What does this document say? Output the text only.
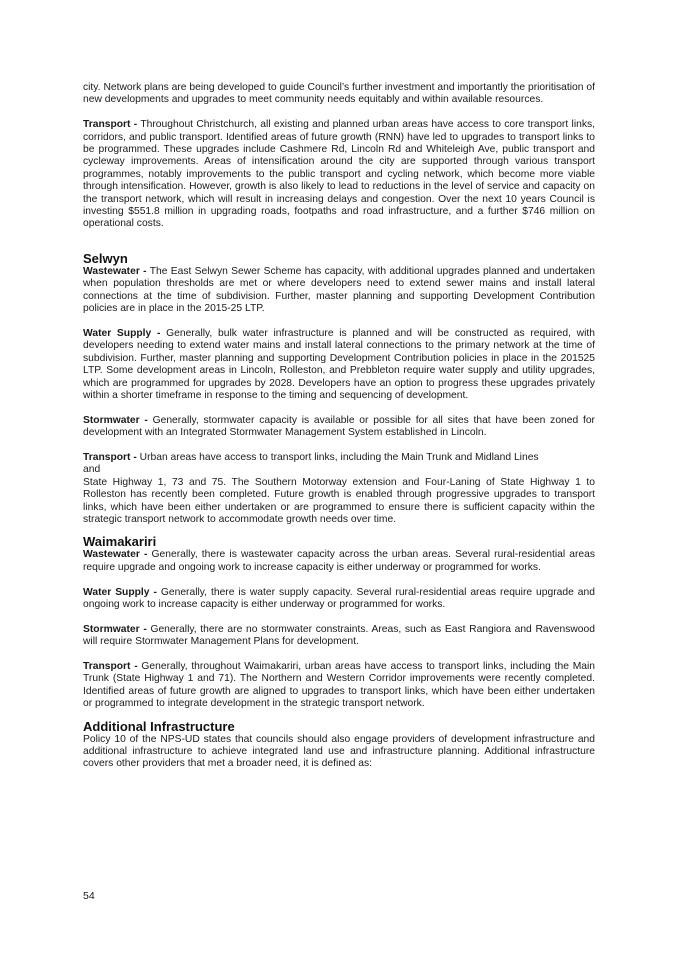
city. Network plans are being developed to guide Council’s further investment and importantly the prioritisation of new developments and upgrades to meet community needs equitably and within available resources.

Transport - Throughout Christchurch, all existing and planned urban areas have access to core transport links, corridors, and public transport. Identified areas of future growth (RNN) have led to upgrades to transport links to be programmed. These upgrades include Cashmere Rd, Lincoln Rd and Whiteleigh Ave, public transport and cycleway improvements. Areas of intensification around the city are supported through various transport programmes, notably improvements to the public transport and cycling network, which become more viable through intensification. However, growth is also likely to lead to reductions in the level of service and capacity on the transport network, which will result in increasing delays and congestion. Over the next 10 years Council is investing $551.8 million in upgrading roads, footpaths and road infrastructure, and a further $746 million on operational costs.

Selwyn

Wastewater - The East Selwyn Sewer Scheme has capacity, with additional upgrades planned and undertaken when population thresholds are met or where developers need to extend sewer mains and install lateral connections at the time of subdivision. Further, master planning and supporting Development Contribution policies are in place in the 2015-25 LTP.

Water Supply - Generally, bulk water infrastructure is planned and will be constructed as required, with developers needing to extend water mains and install lateral connections to the primary network at the time of subdivision. Further, master planning and supporting Development Contribution policies in place in the 201525 LTP. Some development areas in Lincoln, Rolleston, and Prebbleton require water supply and utility upgrades, which are programmed for upgrades by 2028. Developers have an option to progress these upgrades privately within a shorter timeframe in response to the timing and sequencing of development.

Stormwater - Generally, stormwater capacity is available or possible for all sites that have been zoned for development with an Integrated Stormwater Management System established in Lincoln.

Transport - Urban areas have access to transport links, including the Main Trunk and Midland Lines
and
State Highway 1, 73 and 75. The Southern Motorway extension and Four-Laning of State Highway 1 to Rolleston has recently been completed. Future growth is enabled through progressive upgrades to transport links, which have been either undertaken or are programmed to ensure there is sufficient capacity within the strategic transport network to accommodate growth needs over time.

Waimakariri

Wastewater - Generally, there is wastewater capacity across the urban areas. Several rural-residential areas require upgrade and ongoing work to increase capacity is either underway or programmed for works.

Water Supply - Generally, there is water supply capacity. Several rural-residential areas require upgrade and ongoing work to increase capacity is either underway or programmed for works.

Stormwater - Generally, there are no stormwater constraints. Areas, such as East Rangiora and Ravenswood will require Stormwater Management Plans for development.

Transport - Generally, throughout Waimakariri, urban areas have access to transport links, including the Main Trunk (State Highway 1 and 71). The Northern and Western Corridor improvements were recently completed. Identified areas of future growth are aligned to upgrades to transport links, which have been either undertaken or programmed to integrate development in the strategic transport network.

Additional Infrastructure

Policy 10 of the NPS-UD states that councils should also engage providers of development infrastructure and additional infrastructure to achieve integrated land use and infrastructure planning. Additional infrastructure covers other providers that met a broader need, it is defined as:

54
